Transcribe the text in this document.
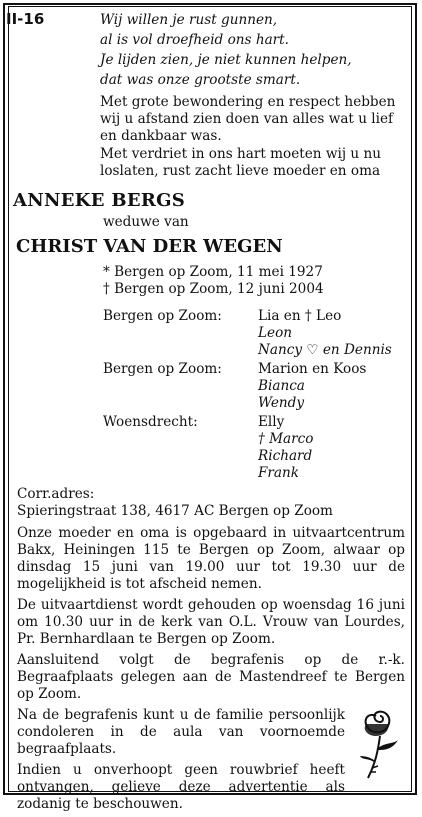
II-16	Wij willen je rust gunnen,
al is vol droefheid ons hart.
Je lijden zien, je niet kunnen helpen,
dat was onze grootste smart.

Met grote bewondering en respect hebben wij u afstand zien doen van alles wat u lief en dankbaar was.

Met verdriet in ons hart moeten wij u nu loslaten, rust zacht lieve moeder en oma

ANNEKE BERGS
weduwe van
CHRIST VAN DER WEGEN
* Bergen op Zoom, 11 mei 1927
† Bergen op Zoom, 12 juni 2004
Bergen op Zoom:	Lia en † Leo
Leon
Nancy ♡ en Dennis
Bergen op Zoom:	Marion en Koos
Bianca
Wendy
Woensdrecht:	Elly
† Marco
Richard
Frank
Corr.adres:
Spieringstraat 138, 4617 AC Bergen op Zoom

Onze moeder en oma is opgebaard in uitvaartcentrum Bakx, Heiningen 115 te Bergen op Zoom, alwaar op dinsdag 15 juni van 19.00 uur tot 19.30 uur de mogelijkheid is tot afscheid nemen.

De uitvaartdienst wordt gehouden op woensdag 16 juni om 10.30 uur in de kerk van O.L. Vrouw van Lourdes, Pr. Bernhardlaan te Bergen op Zoom.

Aansluitend volgt de begrafenis op de r.-k. Begraafplaats gelegen aan de Mastendreef te Bergen op Zoom.

Na de begrafenis kunt u de familie persoonlijk condoleren in de aula van voornoemde begraafplaats.

Indien u onverhoopt geen rouwbrief heeft ontvangen, gelieve deze advertentie als zodanig te beschouwen.
